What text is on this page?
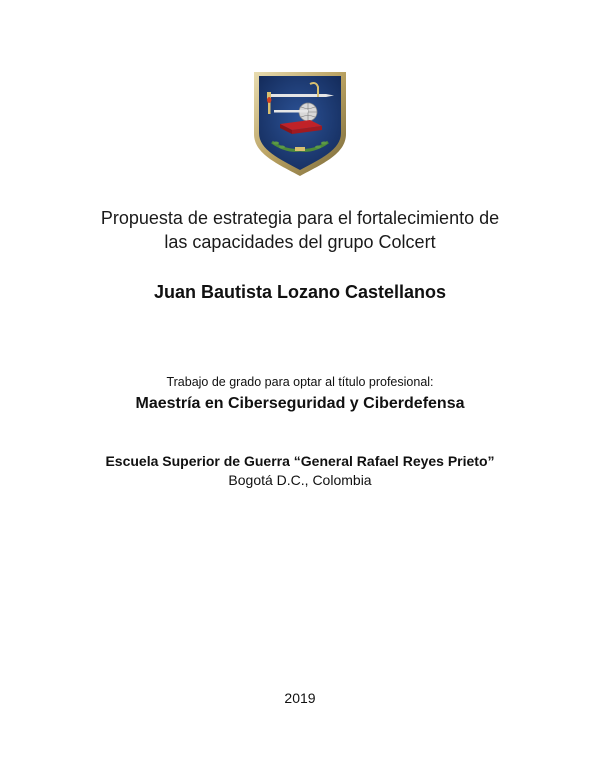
Propuesta de estrategia para el fortalecimiento de
las capacidades del grupo Colcert
Juan Bautista Lozano Castellanos
Trabajo de grado para optar al título profesional:
Maestría en Ciberseguridad y Ciberdefensa
Escuela Superior de Guerra “General Rafael Reyes Prieto”
Bogotá D.C., Colombia
2019
